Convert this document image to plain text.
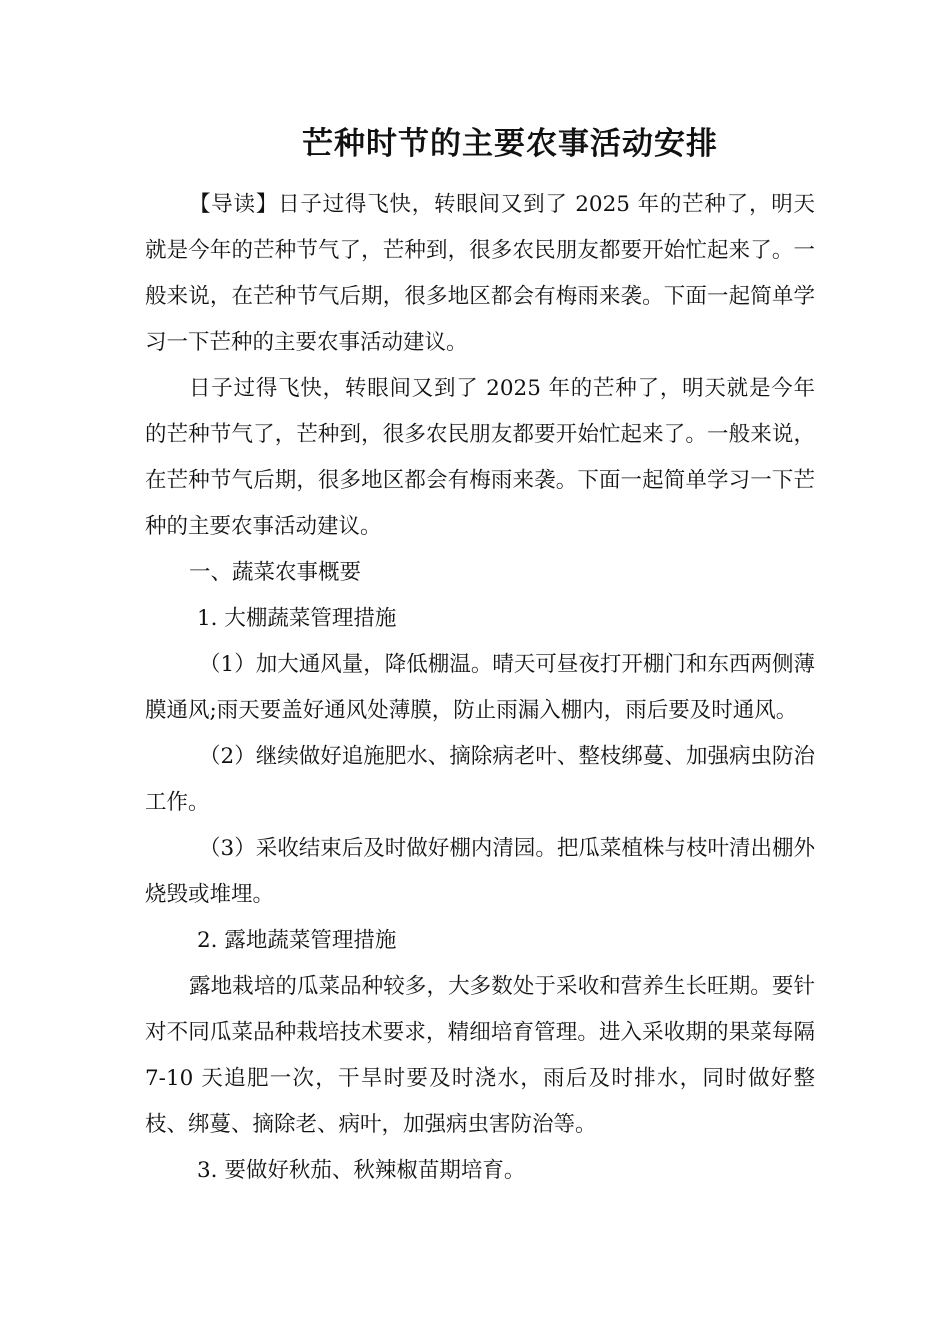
芒种时节的主要农事活动安排

【导读】日子过得飞快，转眼间又到了 2025 年的芒种了，明天就是今年的芒种节气了，芒种到，很多农民朋友都要开始忙起来了。一般来说，在芒种节气后期，很多地区都会有梅雨来袭。下面一起简单学习一下芒种的主要农事活动建议。

日子过得飞快，转眼间又到了 2025 年的芒种了，明天就是今年的芒种节气了，芒种到，很多农民朋友都要开始忙起来了。一般来说，在芒种节气后期，很多地区都会有梅雨来袭。下面一起简单学习一下芒种的主要农事活动建议。

一、蔬菜农事概要

1. 大棚蔬菜管理措施

（1）加大通风量，降低棚温。晴天可昼夜打开棚门和东西两侧薄膜通风;雨天要盖好通风处薄膜，防止雨漏入棚内，雨后要及时通风。

（2）继续做好追施肥水、摘除病老叶、整枝绑蔓、加强病虫防治工作。

（3）采收结束后及时做好棚内清园。把瓜菜植株与枝叶清出棚外烧毁或堆埋。

2. 露地蔬菜管理措施

露地栽培的瓜菜品种较多，大多数处于采收和营养生长旺期。要针对不同瓜菜品种栽培技术要求，精细培育管理。进入采收期的果菜每隔 7-10 天追肥一次，干旱时要及时浇水，雨后及时排水，同时做好整枝、绑蔓、摘除老、病叶，加强病虫害防治等。

3. 要做好秋茄、秋辣椒苗期培育。
